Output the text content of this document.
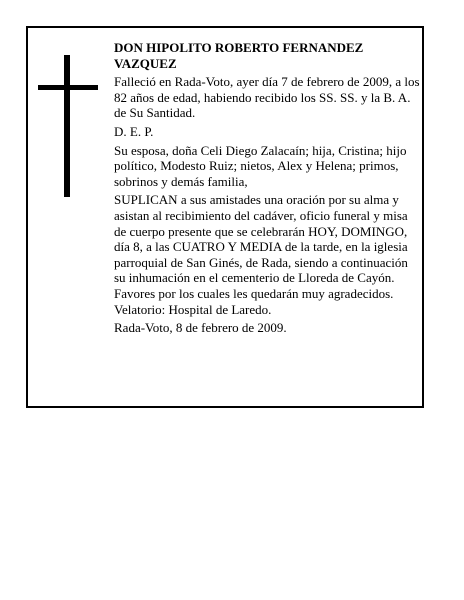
DON HIPOLITO ROBERTO FERNANDEZ VAZQUEZ

Falleció en Rada-Voto, ayer día 7 de febrero de 2009, a los 82 años de edad, habiendo recibido los SS. SS. y la B. A. de Su Santidad.

D. E. P.

Su esposa, doña Celi Diego Zalacaín; hija, Cristina; hijo político, Modesto Ruiz; nietos, Alex y Helena; primos, sobrinos y demás familia,

SUPLICAN a sus amistades una oración por su alma y asistan al recibimiento del cadáver, oficio funeral y misa de cuerpo presente que se celebrarán HOY, DOMINGO, día 8, a las CUATRO Y MEDIA de la tarde, en la iglesia parroquial de San Ginés, de Rada, siendo a continuación su inhumación en el cementerio de Lloreda de Cayón. Favores por los cuales les quedarán muy agradecidos. Velatorio: Hospital de Laredo.

Rada-Voto, 8 de febrero de 2009.
